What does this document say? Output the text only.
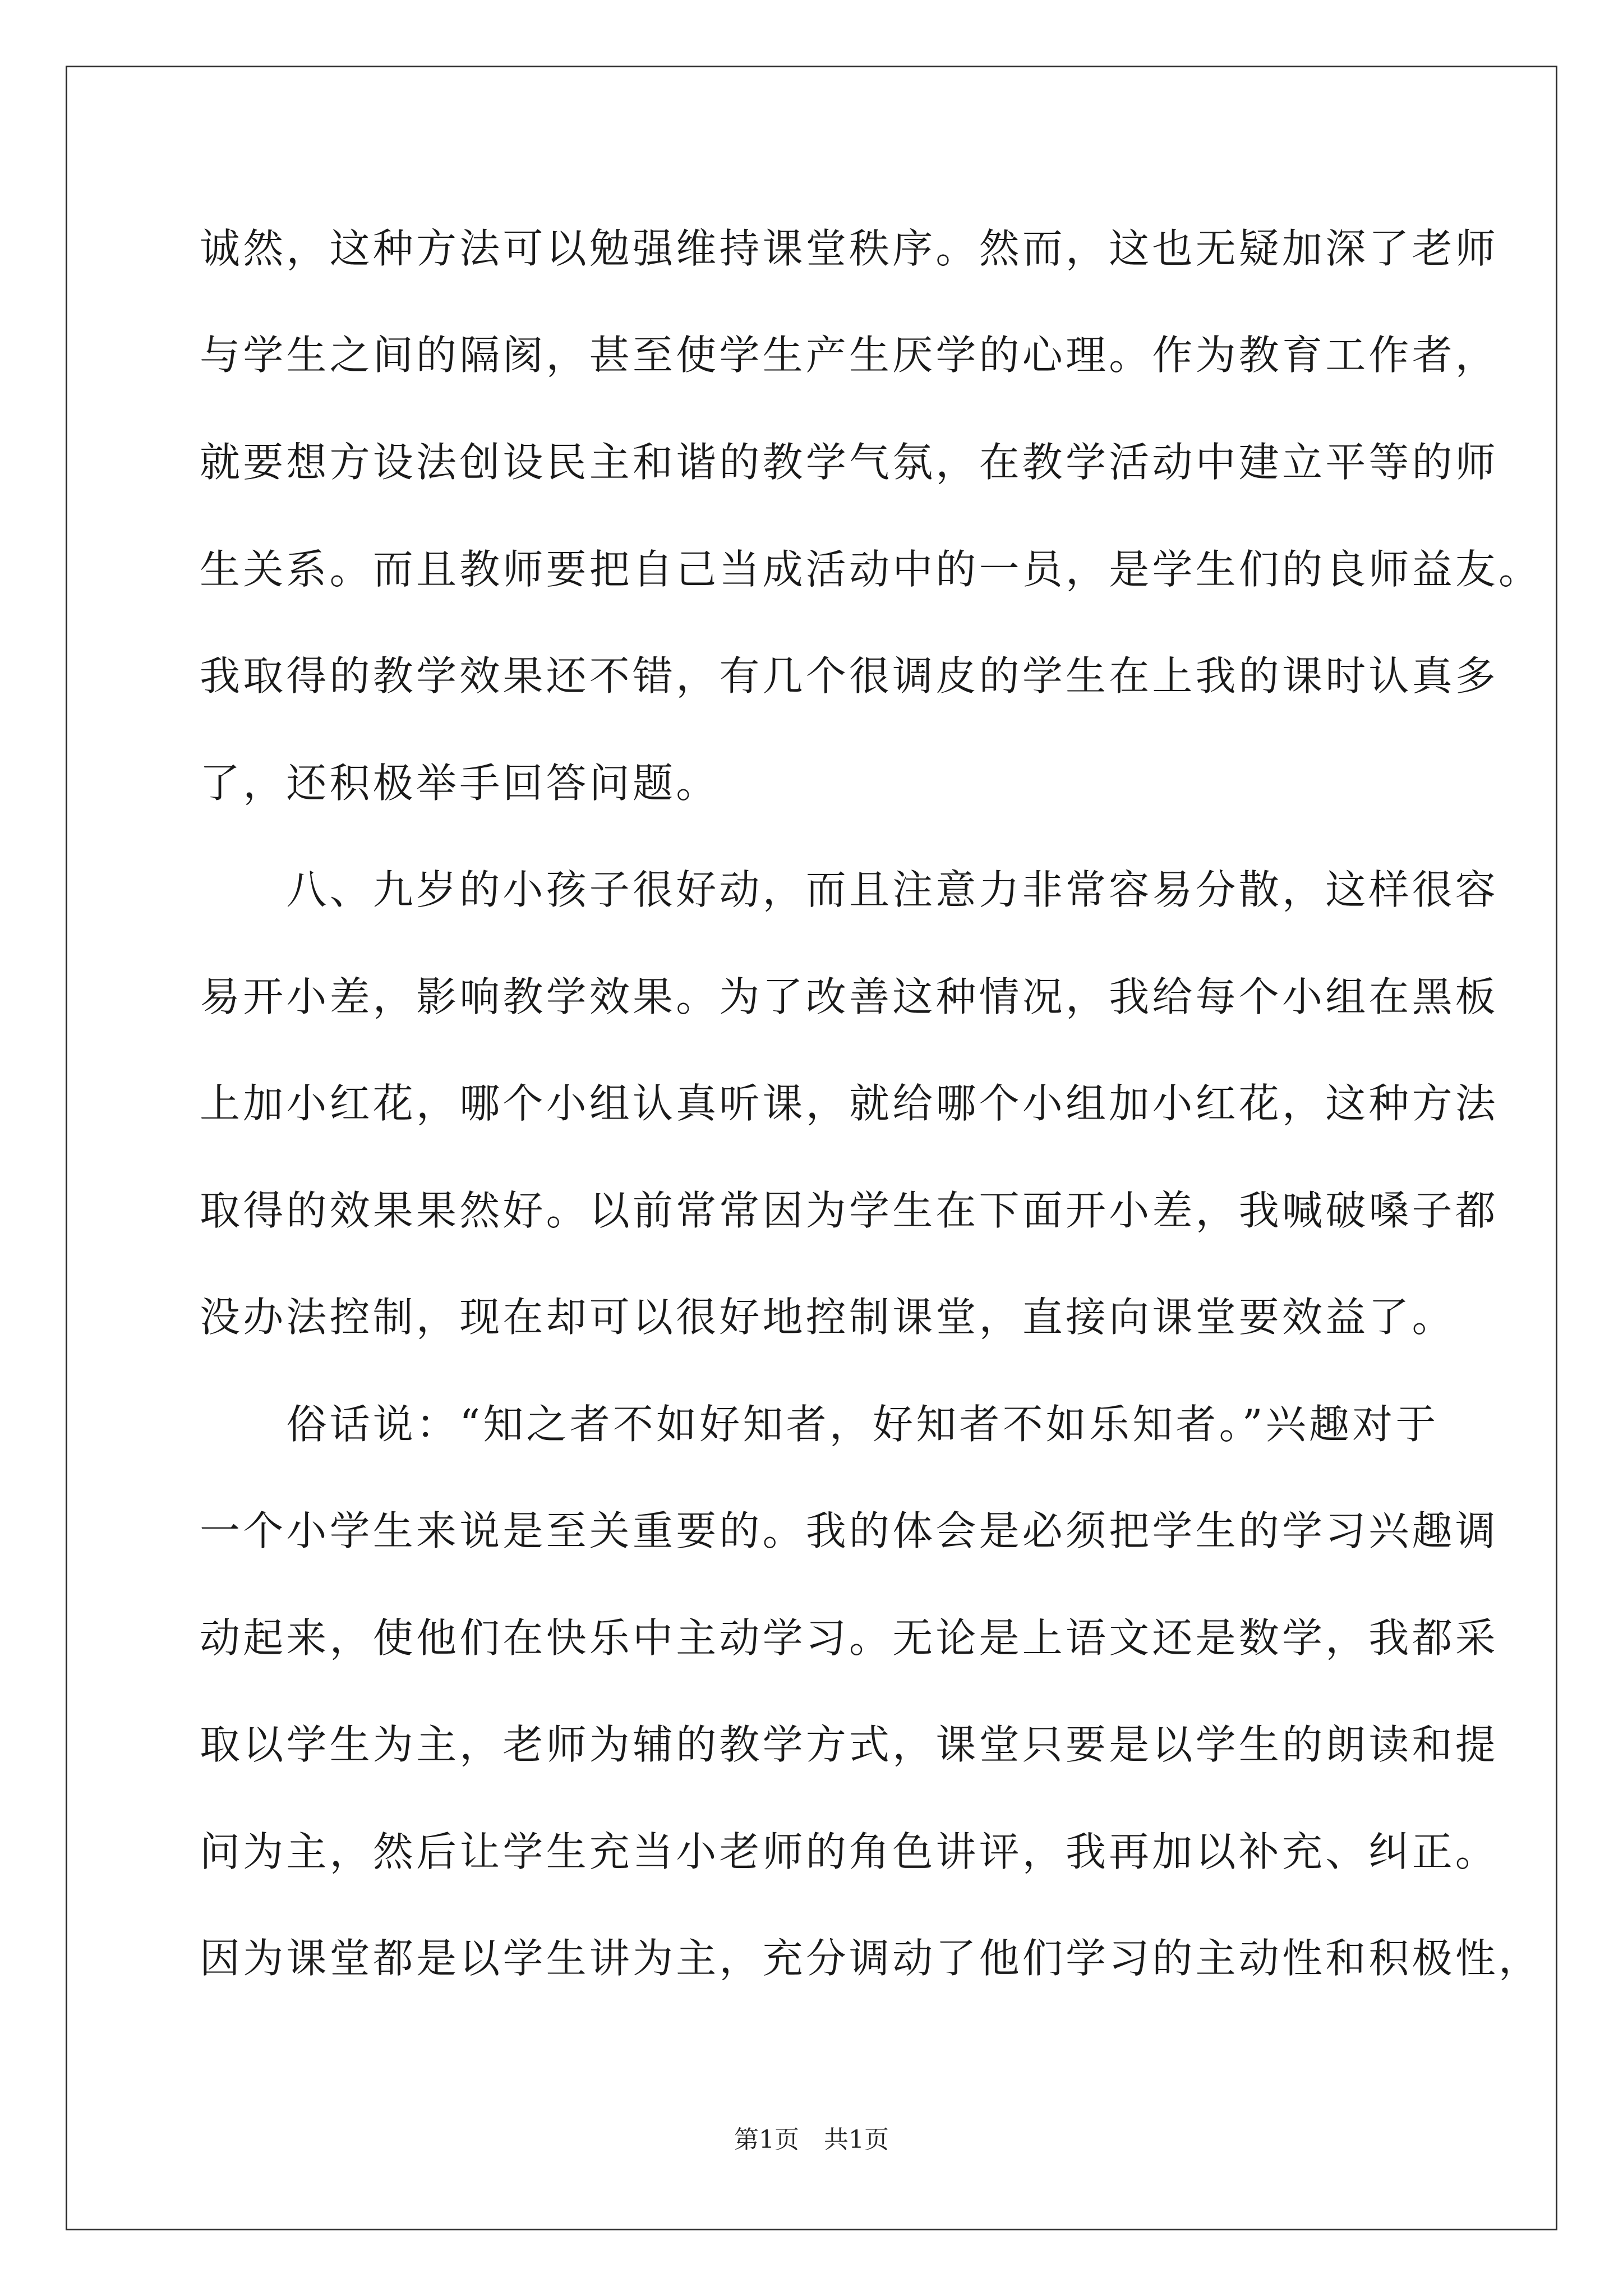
诚然，这种方法可以勉强维持课堂秩序。然而，这也无疑加深了老师
与学生之间的隔阂，甚至使学生产生厌学的心理。作为教育工作者，
就要想方设法创设民主和谐的教学气氛，在教学活动中建立平等的师
生关系。而且教师要把自己当成活动中的一员，是学生们的良师益友。
我取得的教学效果还不错，有几个很调皮的学生在上我的课时认真多
了，还积极举手回答问题。
　　八、九岁的小孩子很好动，而且注意力非常容易分散，这样很容
易开小差，影响教学效果。为了改善这种情况，我给每个小组在黑板
上加小红花，哪个小组认真听课，就给哪个小组加小红花，这种方法
取得的效果果然好。以前常常因为学生在下面开小差，我喊破嗓子都
没办法控制，现在却可以很好地控制课堂，直接向课堂要效益了。
　　俗话说：“知之者不如好知者，好知者不如乐知者。”兴趣对于
一个小学生来说是至关重要的。我的体会是必须把学生的学习兴趣调
动起来，使他们在快乐中主动学习。无论是上语文还是数学，我都采
取以学生为主，老师为辅的教学方式，课堂只要是以学生的朗读和提
问为主，然后让学生充当小老师的角色讲评，我再加以补充、纠正。
因为课堂都是以学生讲为主，充分调动了他们学习的主动性和积极性，
第1页　共1页
